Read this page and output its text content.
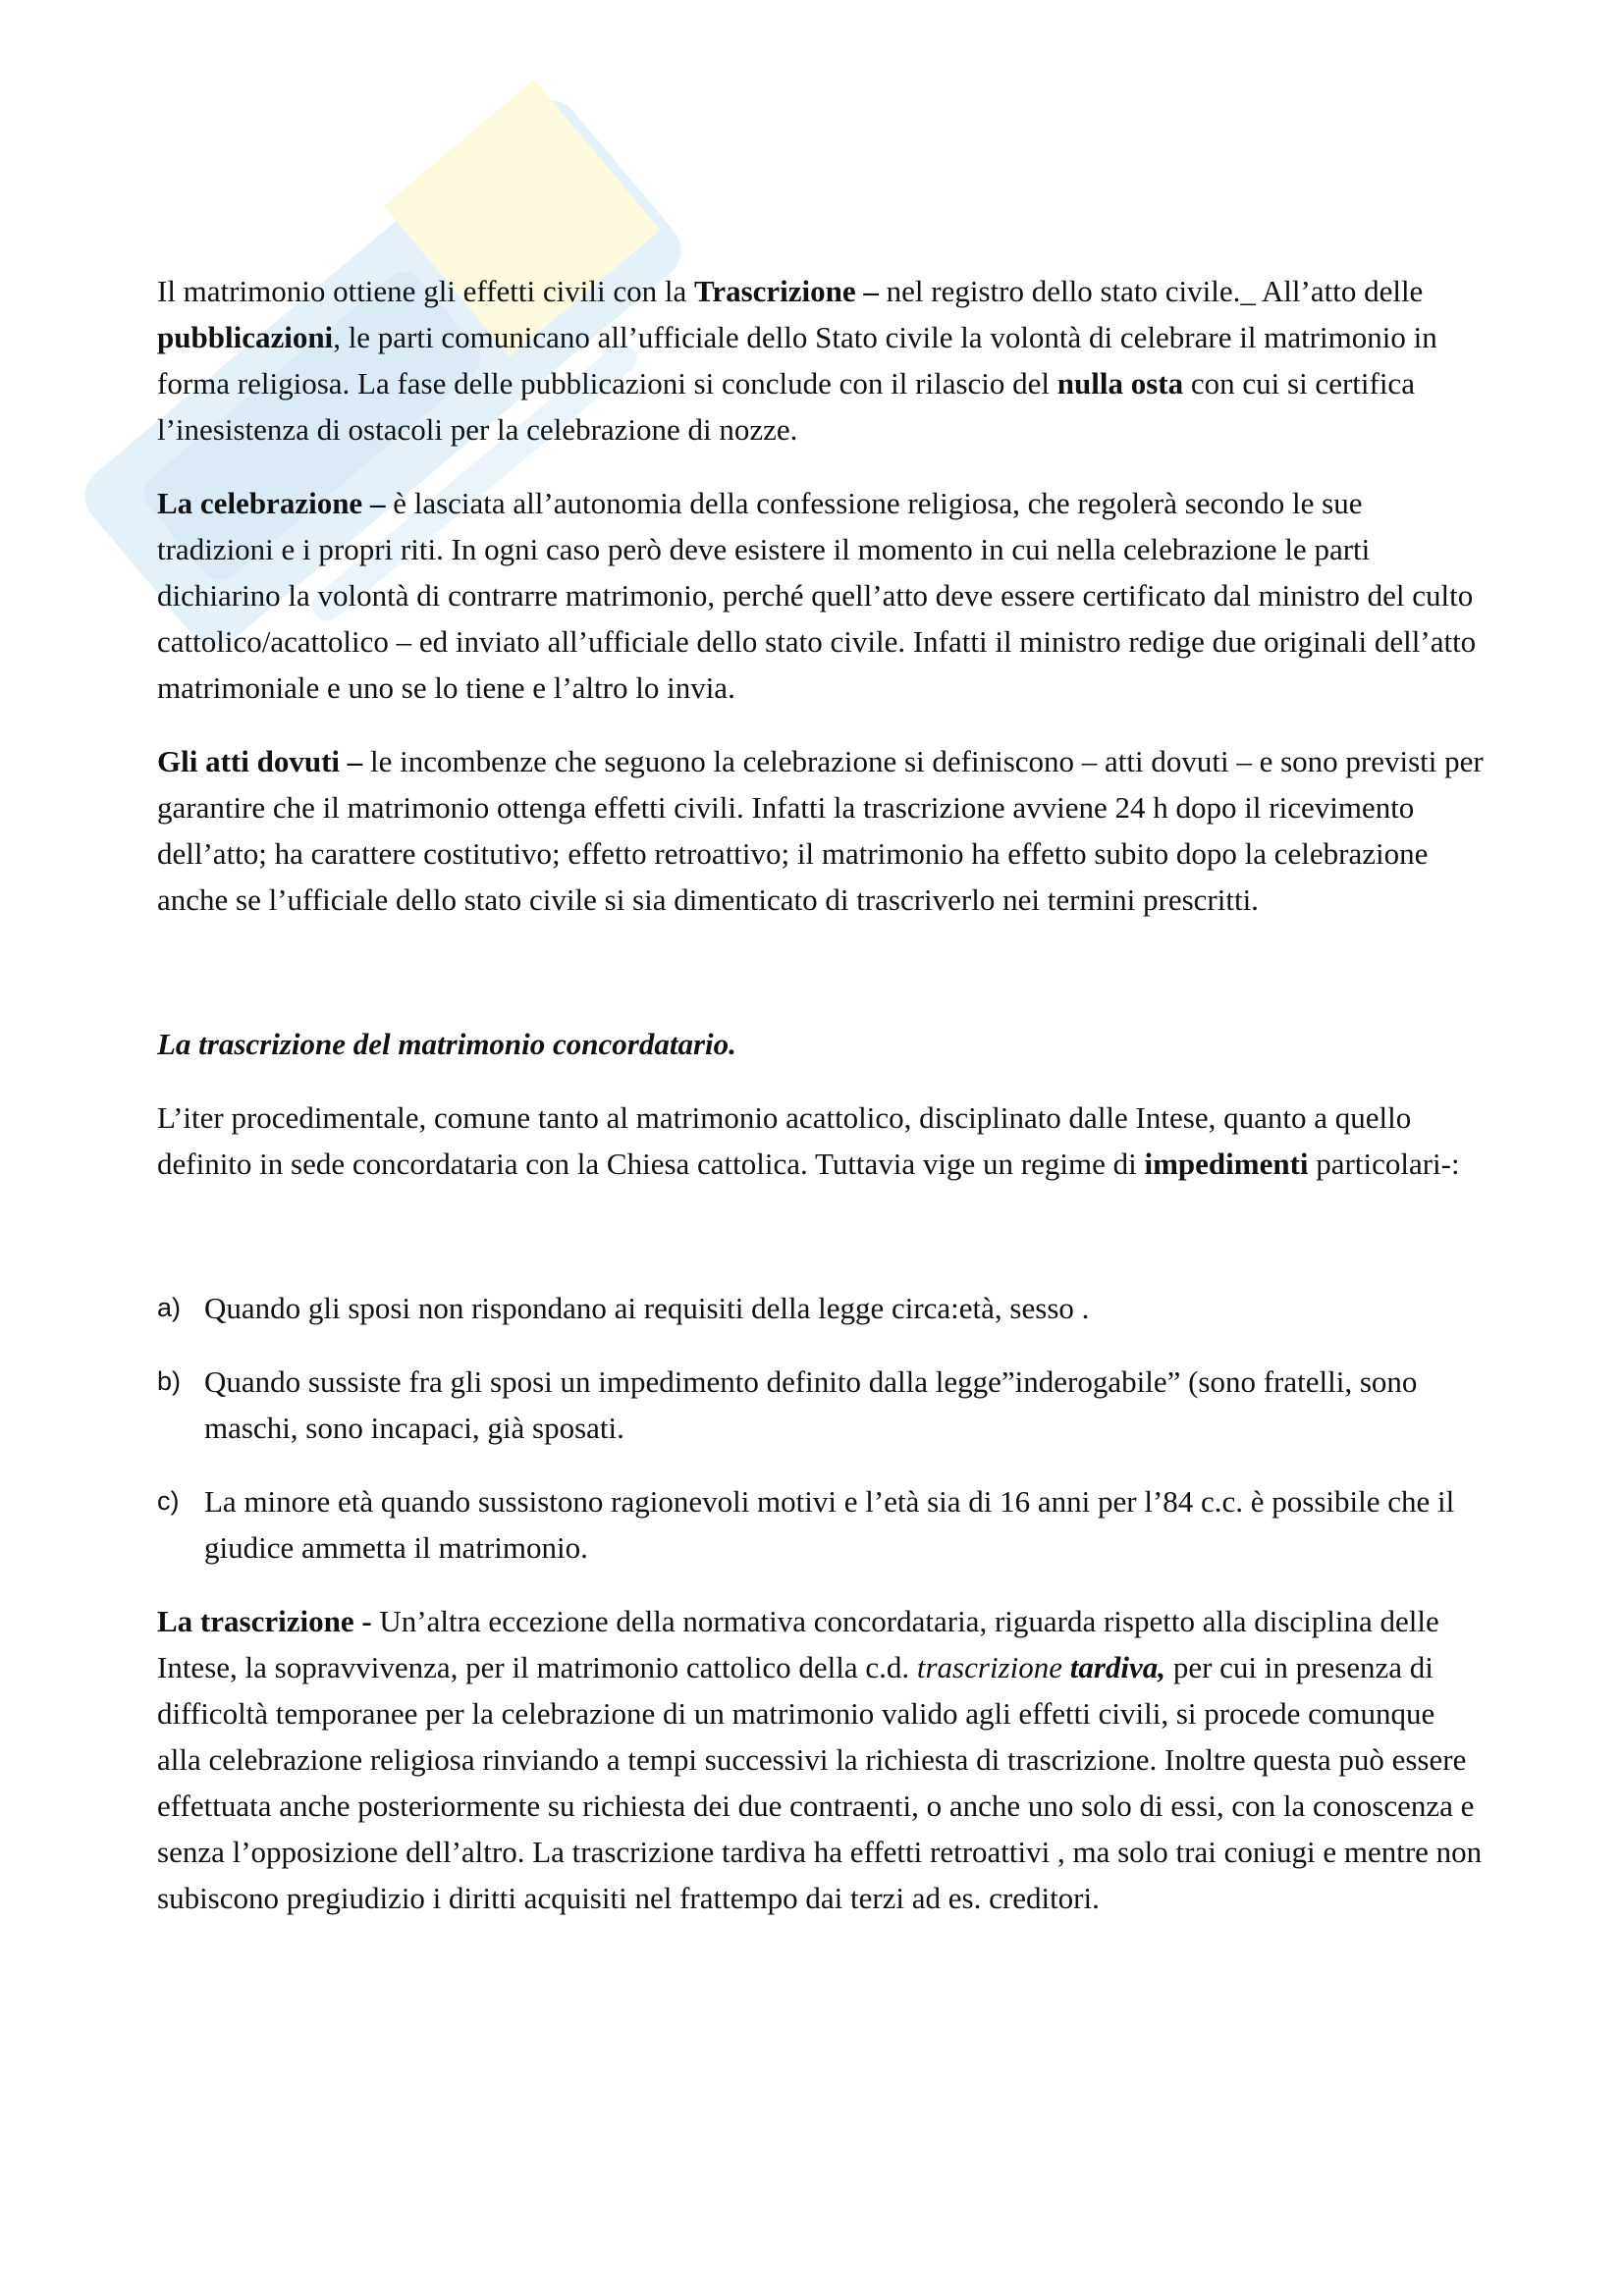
Il matrimonio ottiene gli effetti civili con la Trascrizione – nel registro dello stato civile._ All’atto delle pubblicazioni, le parti comunicano all’ufficiale dello Stato civile la volontà di celebrare il matrimonio in forma religiosa. La fase delle pubblicazioni si conclude con il rilascio del nulla osta con cui si certifica l’inesistenza di ostacoli per la celebrazione di nozze.

La celebrazione – è lasciata all’autonomia della confessione religiosa, che regolerà secondo le sue tradizioni e i propri riti. In ogni caso però deve esistere il momento in cui nella celebrazione le parti dichiarino la volontà di contrarre matrimonio, perché quell’atto deve essere certificato dal ministro del culto cattolico/acattolico – ed inviato all’ufficiale dello stato civile. Infatti il ministro redige due originali dell’atto matrimoniale e uno se lo tiene e l’altro lo invia.

Gli atti dovuti – le incombenze che seguono la celebrazione si definiscono – atti dovuti – e sono previsti per garantire che il matrimonio ottenga effetti civili. Infatti la trascrizione avviene 24 h dopo il ricevimento dell’atto; ha carattere costitutivo; effetto retroattivo; il matrimonio ha effetto subito dopo la celebrazione anche se l’ufficiale dello stato civile si sia dimenticato di trascriverlo nei termini prescritti.

La trascrizione del matrimonio concordatario.

L’iter procedimentale, comune tanto al matrimonio acattolico, disciplinato dalle Intese, quanto a quello definito in sede concordataria con la Chiesa cattolica. Tuttavia vige un regime di impedimenti particolari-:

a) Quando gli sposi non rispondano ai requisiti della legge circa:età, sesso .
b) Quando sussiste fra gli sposi un impedimento definito dalla legge”inderogabile” (sono fratelli, sono maschi, sono incapaci, già sposati.
c) La minore età quando sussistono ragionevoli motivi e l’età sia di 16 anni per l’84 c.c. è possibile che il giudice ammetta il matrimonio.

La trascrizione - Un’altra eccezione della normativa concordataria, riguarda rispetto alla disciplina delle Intese, la sopravvivenza, per il matrimonio cattolico della c.d. trascrizione tardiva, per cui in presenza di difficoltà temporanee per la celebrazione di un matrimonio valido agli effetti civili, si procede comunque alla celebrazione religiosa rinviando a tempi successivi la richiesta di trascrizione. Inoltre questa può essere effettuata anche posteriormente su richiesta dei due contraenti, o anche uno solo di essi, con la conoscenza e senza l’opposizione dell’altro. La trascrizione tardiva ha effetti retroattivi , ma solo trai coniugi e mentre non subiscono pregiudizio i diritti acquisiti nel frattempo dai terzi ad es. creditori.
